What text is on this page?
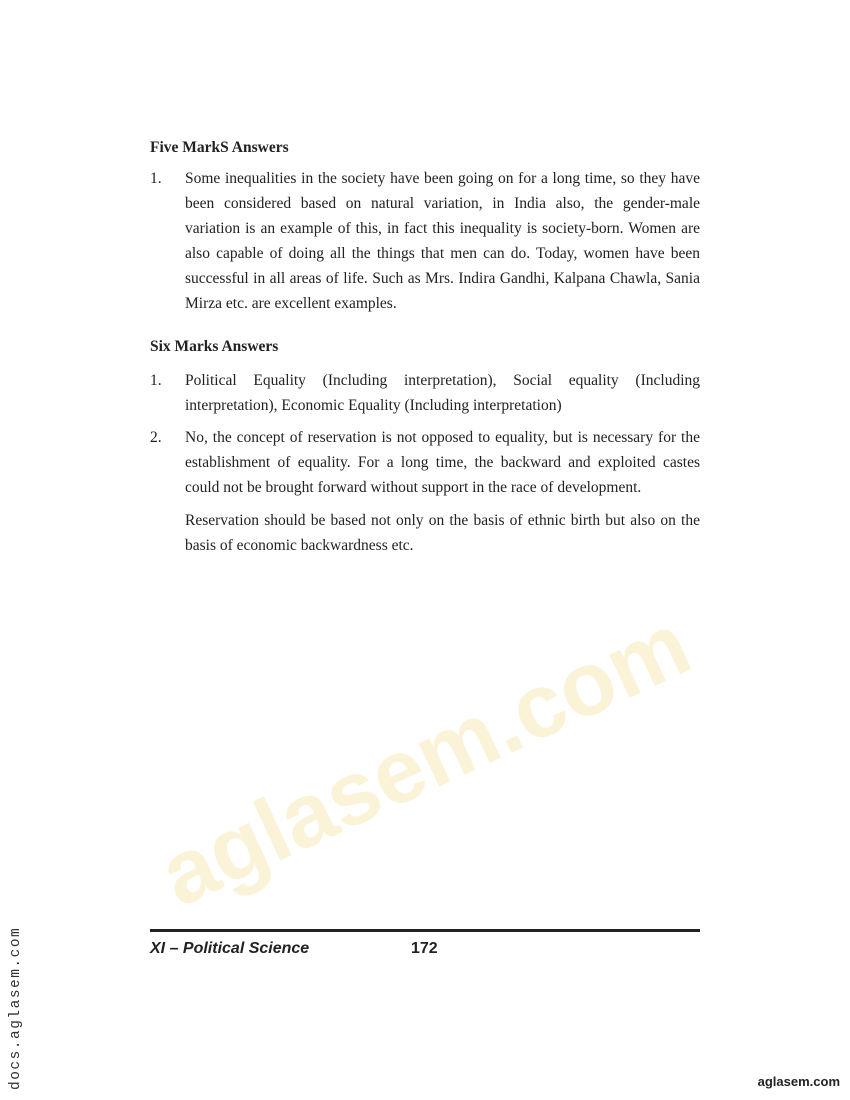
aglasem.com
Five MarkS Answers
1. Some inequalities in the society have been going on for a long time, so they have been considered based on natural variation, in India also, the gender-male variation is an example of this, in fact this inequality is society-born. Women are also capable of doing all the things that men can do. Today, women have been successful in all areas of life. Such as Mrs. Indira Gandhi, Kalpana Chawla, Sania Mirza etc. are excellent examples.
Six Marks Answers
1. Political Equality (Including interpretation), Social equality (Including interpretation), Economic Equality (Including interpretation)
2. No, the concept of reservation is not opposed to equality, but is necessary for the establishment of equality. For a long time, the backward and exploited castes could not be brought forward without support in the race of development.
Reservation should be based not only on the basis of ethnic birth but also on the basis of economic backwardness etc.
XI – Political Science	172
docs.aglasem.com	aglasem.com
